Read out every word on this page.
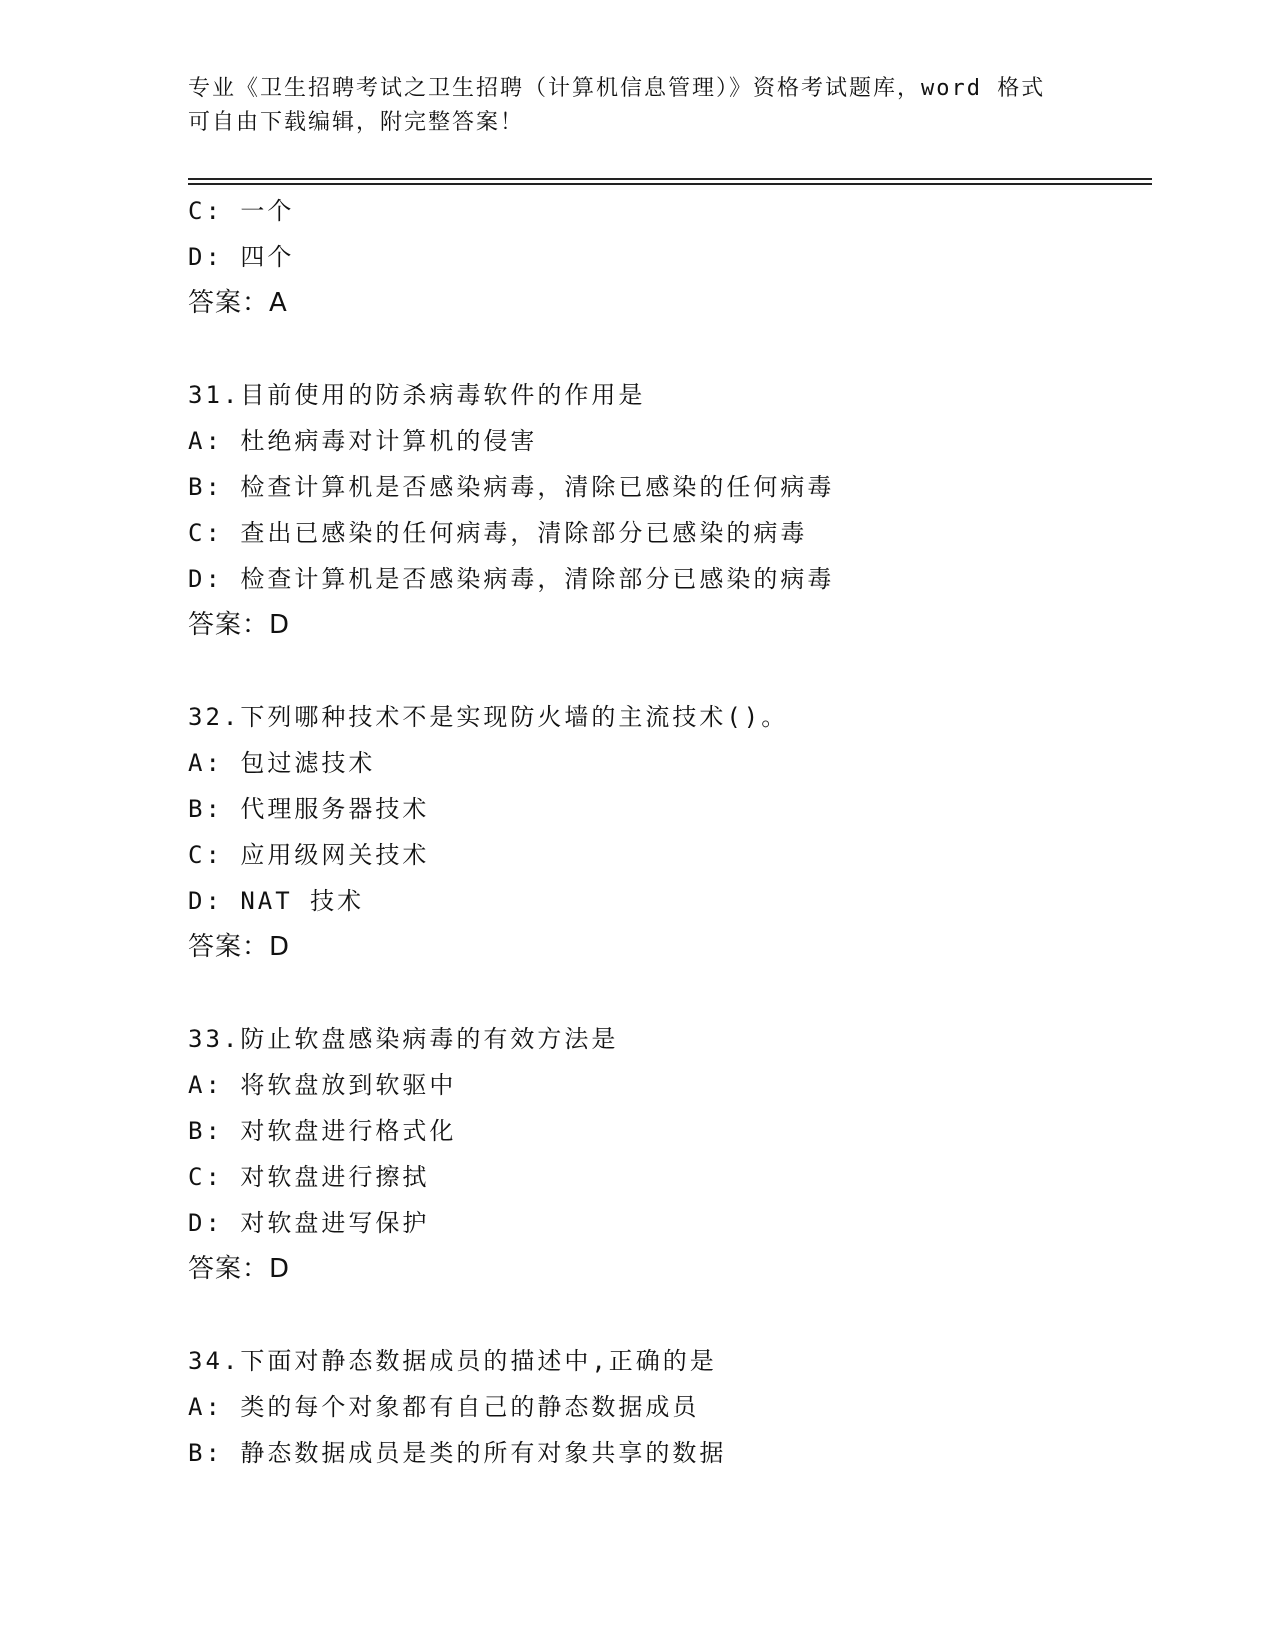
专业《卫生招聘考试之卫生招聘（计算机信息管理）》资格考试题库，word 格式
可自由下载编辑，附完整答案！
C: 一个
D: 四个
答案：A
31.目前使用的防杀病毒软件的作用是
A: 杜绝病毒对计算机的侵害
B: 检查计算机是否感染病毒，清除已感染的任何病毒
C: 查出已感染的任何病毒，清除部分已感染的病毒
D: 检查计算机是否感染病毒，清除部分已感染的病毒
答案：D
32.下列哪种技术不是实现防火墙的主流技术()。
A: 包过滤技术
B: 代理服务器技术
C: 应用级网关技术
D: NAT 技术
答案：D
33.防止软盘感染病毒的有效方法是
A: 将软盘放到软驱中
B: 对软盘进行格式化
C: 对软盘进行擦拭
D: 对软盘进写保护
答案：D
34.下面对静态数据成员的描述中,正确的是
A: 类的每个对象都有自己的静态数据成员
B: 静态数据成员是类的所有对象共享的数据
